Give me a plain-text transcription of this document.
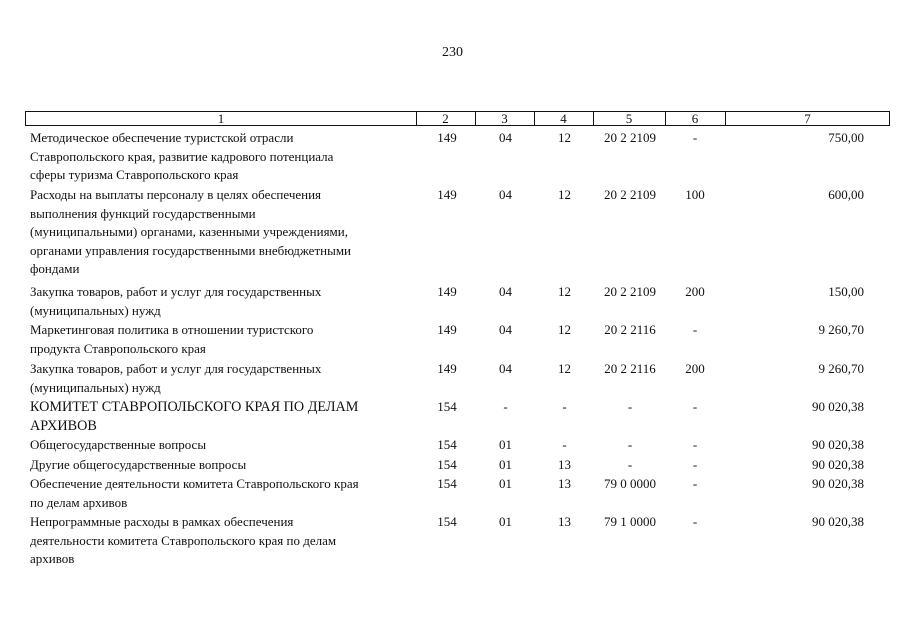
230
1	2	3	4	5	6	7
Методическое обеспечение туристской отрасли
Ставропольского края, развитие кадрового потенциала
сферы туризма Ставропольского края
149	04	12	20 2 2109	-	750,00
Расходы на выплаты персоналу в целях обеспечения
выполнения функций государственными
(муниципальными) органами, казенными учреждениями,
органами управления государственными внебюджетными
фондами
149	04	12	20 2 2109	100	600,00
Закупка товаров, работ и услуг для государственных
(муниципальных) нужд
149	04	12	20 2 2109	200	150,00
Маркетинговая политика в отношении туристского
продукта Ставропольского края
149	04	12	20 2 2116	-	9 260,70
Закупка товаров, работ и услуг для государственных
(муниципальных) нужд
149	04	12	20 2 2116	200	9 260,70
КОМИТЕТ СТАВРОПОЛЬСКОГО КРАЯ ПО ДЕЛАМ
АРХИВОВ
154	-	-	-	-	90 020,38
Общегосударственные вопросы	154	01	-	-	-	90 020,38
Другие общегосударственные вопросы	154	01	13	-	-	90 020,38
Обеспечение деятельности комитета Ставропольского края
по делам архивов
154	01	13	79 0 0000	-	90 020,38
Непрограммные расходы в рамках обеспечения
деятельности комитета Ставропольского края по делам
архивов
154	01	13	79 1 0000	-	90 020,38
